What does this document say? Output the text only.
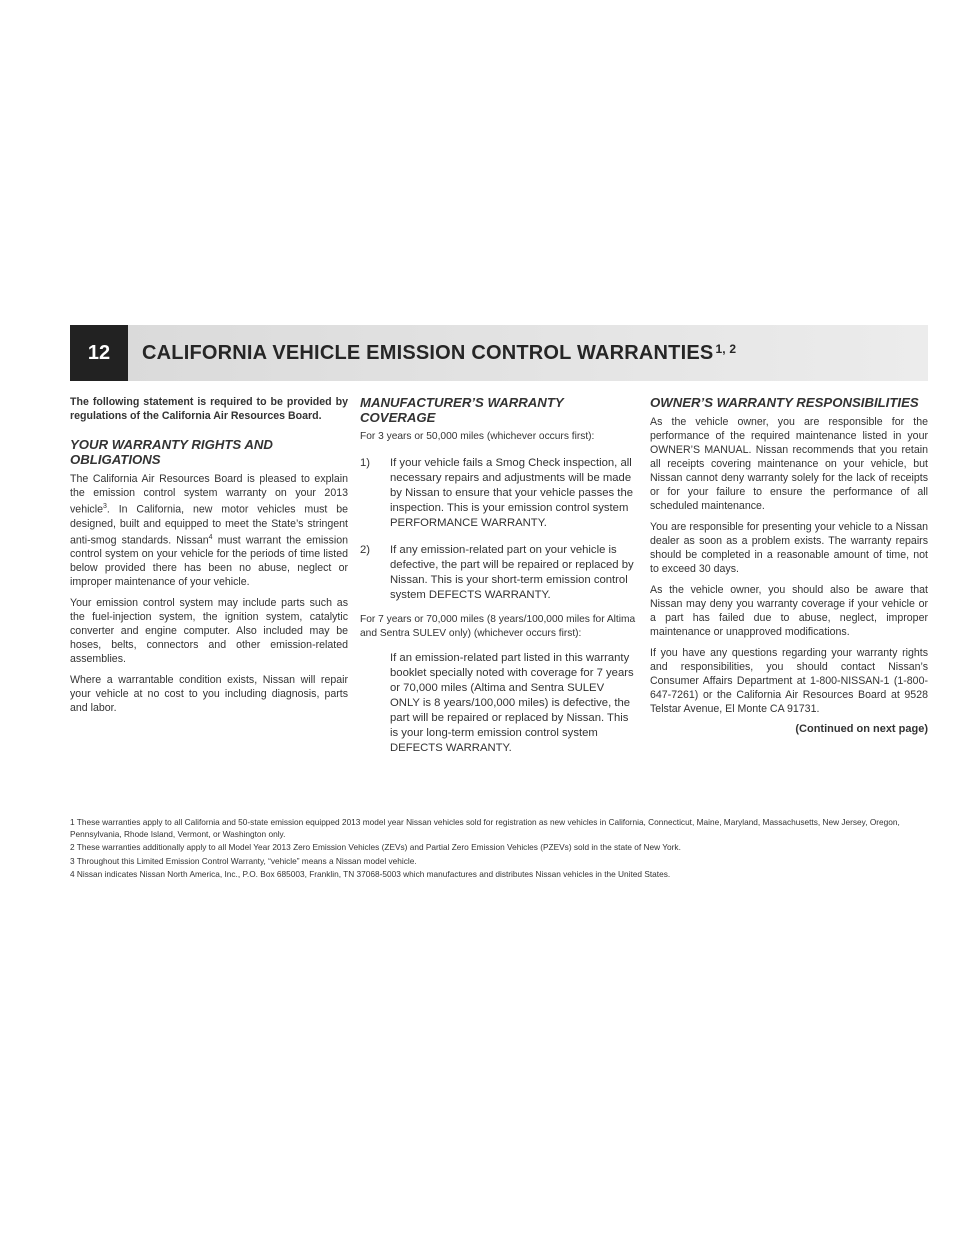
12	CALIFORNIA VEHICLE EMISSION CONTROL WARRANTIES$^{1, 2}$

The following statement is required to be provided by regulations of the California Air Resources Board.

YOUR WARRANTY RIGHTS AND OBLIGATIONS

The California Air Resources Board is pleased to explain the emission control system warranty on your 2013 vehicle$^3$. In California, new motor vehicles must be designed, built and equipped to meet the State’s stringent anti-smog standards. Nissan$^4$ must warrant the emission control system on your vehicle for the periods of time listed below provided there has been no abuse, neglect or improper maintenance of your vehicle.

Your emission control system may include parts such as the fuel-injection system, the ignition system, catalytic converter and engine computer. Also included may be hoses, belts, connectors and other emission-related assemblies.

Where a warrantable condition exists, Nissan will repair your vehicle at no cost to you including diagnosis, parts and labor.

MANUFACTURER’S WARRANTY COVERAGE

For 3 years or 50,000 miles (whichever occurs first):

1)	If your vehicle fails a Smog Check inspection, all necessary repairs and adjustments will be made by Nissan to ensure that your vehicle passes the inspection. This is your emission control system PERFORMANCE WARRANTY.
2)	If any emission-related part on your vehicle is defective, the part will be repaired or replaced by Nissan. This is your short-term emission control system DEFECTS WARRANTY.

For 7 years or 70,000 miles (8 years/100,000 miles for Altima and Sentra SULEV only) (whichever occurs first):

If an emission-related part listed in this warranty booklet specially noted with coverage for 7 years or 70,000 miles (Altima and Sentra SULEV ONLY is 8 years/100,000 miles) is defective, the part will be repaired or replaced by Nissan. This is your long-term emission control system DEFECTS WARRANTY.
OWNER’S WARRANTY RESPONSIBILITIES

As the vehicle owner, you are responsible for the performance of the required maintenance listed in your OWNER’S MANUAL. Nissan recommends that you retain all receipts covering maintenance on your vehicle, but Nissan cannot deny warranty solely for the lack of receipts or for your failure to ensure the performance of all scheduled maintenance.

You are responsible for presenting your vehicle to a Nissan dealer as soon as a problem exists. The warranty repairs should be completed in a reasonable amount of time, not to exceed 30 days.

As the vehicle owner, you should also be aware that Nissan may deny you warranty coverage if your vehicle or a part has failed due to abuse, neglect, improper maintenance or unapproved modifications.

If you have any questions regarding your warranty rights and responsibilities, you should contact Nissan’s Consumer Affairs Department at 1-800-NISSAN-1 (1-800-647-7261) or the California Air Resources Board at 9528 Telstar Avenue, El Monte CA 91731.

(Continued on next page)
1 These warranties apply to all California and 50-state emission equipped 2013 model year Nissan vehicles sold for registration as new vehicles in California, Connecticut, Maine, Maryland, Massachusetts, New Jersey, Oregon, Pennsylvania, Rhode Island, Vermont, or Washington only.
2 These warranties additionally apply to all Model Year 2013 Zero Emission Vehicles (ZEVs) and Partial Zero Emission Vehicles (PZEVs) sold in the state of New York.
3 Throughout this Limited Emission Control Warranty, “vehicle” means a Nissan model vehicle.
4 Nissan indicates Nissan North America, Inc., P.O. Box 685003, Franklin, TN 37068-5003 which manufactures and distributes Nissan vehicles in the United States.
